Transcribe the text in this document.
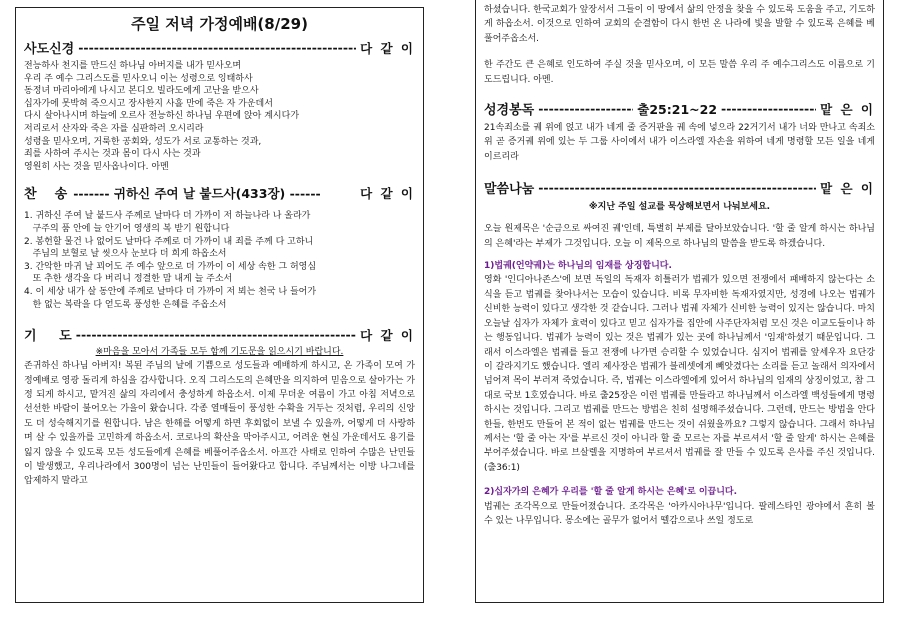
주일 저녁 가정예배(8/29)
사도신경 -----	다 같 이
전능하사 천지를 만드신 하나님 아버지를 내가 믿사오며
우리 주 예수 그리스도를 믿사오니 이는 성령으로 잉태하사
동정녀 마리아에게 나시고 본디오 빌라도에게 고난을 받으사
십자가에 못박혀 죽으시고 장사한지 사흘 만에 죽은 자 가운데서
다시 살아나시며 하늘에 오르사 전능하신 하나님 우편에 앉아 계시다가
저리로서 산자와 죽은 자를 심판하러 오시리라
성령을 믿사오며, 거룩한 공회와, 성도가 서로 교통하는 것과,
죄를 사하여 주시는 것과 몸이 다시 사는 것과
영원히 사는 것을 믿사옵나이다. 아멘
찬    송 ------- 귀하신 주여 날 붙드사(433장) ------	다 같 이
1. 귀하신 주여 날 붙드사 주께로 날마다 더 가까이 저 하늘나라 나 올라가
구주의 품 안에 늘 안기어 영생의 복 받기 원합니다
2. 봉헌할 물건 나 없어도 날마다 주께로 더 가까이 내 죄를 주께 다 고하니
주님의 보혈로 날 씻으사 눈보다 더 희게 하옵소서
3. 간악한 마귀 날 꾀어도 주 예수 앞으로 더 가까이 이 세상 속한 그 허영심
또 추한 생각을 다 버리니 정결한 맘 내게 늘 주소서
4. 이 세상 내가 살 동안에 주께로 날마다 더 가까이 저 뵈는 천국 나 들어가
한 없는 복락을 다 얻도록 풍성한 은혜를 주옵소서
기     도 -----	다 같 이
※마음을 모아서 가족들 모두 함께 기도문을 읽으시기 바랍니다.
존귀하신 하나님 아버지! 복된 주님의 날에 기쁨으로 성도들과 예배하게 하시고, 온 가족이 모여 가정예배로 영광 돌리게 하심을 감사합니다. 오직 그리스도의 은혜만을 의지하여 믿음으로 살아가는 가정 되게 하시고, 맡겨진 삶의 자리에서 충성하게 하옵소서. 이제 무더운 여름이 가고 아침 저녁으로 선선한 바람이 불어오는 가을이 왔습니다. 각종 열매들이 풍성한 수확을 거두는 것처럼, 우리의 신앙도 더 성숙해지기를 원합니다. 남은 한해를 어떻게 하면 후회없이 보낼 수 있을까, 어떻게 더 사랑하며 살 수 있을까를 고민하게 하옵소서. 코로나의 확산을 막아주시고, 어려운 현실 가운데서도 용기를 잃지 않을 수 있도록 모든 성도들에게 은혜를 베풀어주옵소서. 아프간 사태로 인하여 수많은 난민들이 발생했고, 우리나라에서 300명이 넘는 난민들이 들어왔다고 합니다. 주님께서는 이방 나그네를 압제하지 말라고
하셨습니다. 한국교회가 앞장서서 그들이 이 땅에서 삶의 안정을 찾을 수 있도록 도움을 주고, 기도하게 하옵소서. 이것으로 인하여 교회의 순결함이 다시 한번 온 나라에 빛을 발할 수 있도록 은혜를 베풀어주옵소서.
한 주간도 큰 은혜로 인도하여 주실 것을 믿사오며, 이 모든 말씀 우리 주 예수그리스도 이름으로 기도드립니다. 아멘.
성경봉독 -----	출25:21~22 -----	맡 은 이
21속죄소를 궤 위에 얹고 내가 네게 줄 증거판을 궤 속에 넣으라 22거기서 내가 너와 만나고 속죄소 위 곧 증거궤 위에 있는 두 그룹 사이에서 내가 이스라엘 자손을 위하여 네게 명령할 모든 일을 네게 이르리라
말씀나눔 -----	맡 은 이
※지난 주일 설교를 묵상해보면서 나눠보세요.
오늘 원제목은 '순금으로 싸여진 궤'인데, 특별히 부제를 달아보았습니다. '할 줄 알게 하시는 하나님의 은혜'라는 부제가 그것입니다. 오늘 이 제목으로 하나님의 말씀을 받도록 하겠습니다.
1)법궤(언약궤)는 하나님의 임재를 상징합니다.
영화 '인디아나존스'에 보면 독일의 독재자 히틀러가 법궤가 있으면 전쟁에서 패배하지 않는다는 소식을 듣고 법궤를 찾아나서는 모습이 있습니다. 비록 무자비한 독재자였지만, 성경에 나오는 법궤가 신비한 능력이 있다고 생각한 것 같습니다. 그러나 법궤 자체가 신비한 능력이 있지는 않습니다. 마치 오늘날 십자가 자체가 효력이 있다고 믿고 십자가를 집안에 사주단자처럼 모신 것은 이교도들이나 하는 행동입니다. 법궤가 능력이 있는 것은 법궤가 있는 곳에 하나님께서 '임재'하셨기 때문입니다. 그래서 이스라엘은 법궤를 들고 전쟁에 나가면 승리할 수 있었습니다. 심지어 법궤를 앞세우자 요단강이 갈라지기도 했습니다. 엘리 제사장은 법궤가 블레셋에게 빼앗겼다는 소리를 듣고 놀래서 의자에서 넘어져 목이 부러져 죽었습니다. 즉, 법궤는 이스라엘에게 있어서 하나님의 임재의 상징이었고, 참 그대로 국보 1호였습니다. 바로 출25장은 이런 법궤를 만들라고 하나님께서 이스라엘 백성들에게 명령하시는 것입니다. 그리고 법궤를 만드는 방법은 친히 설명해주셨습니다. 그런데, 만드는 방법을 안다 한들, 한번도 만들어 본 적이 없는 법궤를 만드는 것이 쉬웠을까요? 그렇지 않습니다. 그래서 하나님께서는 '할 줄 아는 자'를 부르신 것이 아니라 할 줄 모르는 자를 부르셔서 '할 줄 알게' 하시는 은혜를 부어주셨습니다. 바로 브살렐을 지명하여 부르셔서 법궤를 잘 만들 수 있도록 은사를 주신 것입니다.(출36:1)
2)십자가의 은혜가 우리를 '할 줄 알게 하시는 은혜'로 이끕니다.
법궤는 조각목으로 만들어졌습니다. 조각목은 '아카시아나무'입니다. 팔레스타인 광야에서 흔히 볼 수 있는 나무입니다. 몽소에는 골무가 없어서 뗄감으로나 쓰일 정도로
